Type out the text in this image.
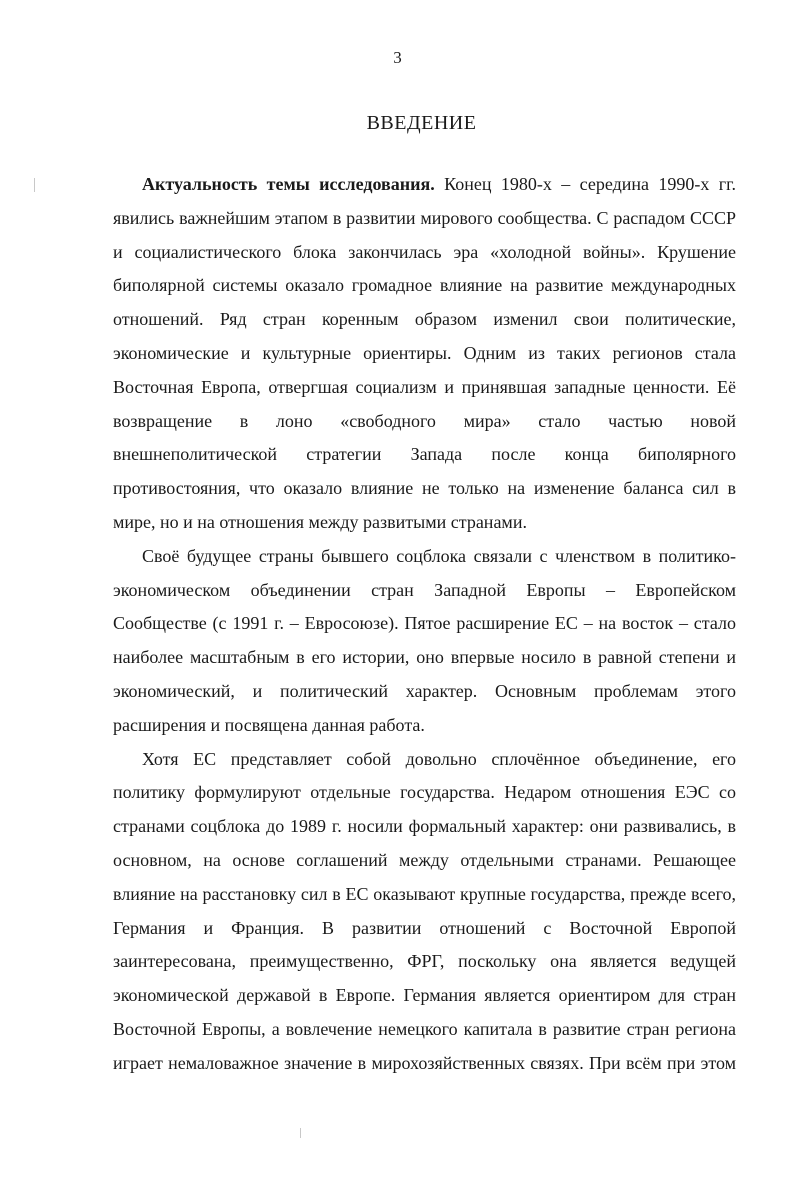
3
ВВЕДЕНИЕ

Актуальность темы исследования. Конец 1980-х – середина 1990-х гг. явились важнейшим этапом в развитии мирового сообщества. С распадом СССР и социалистического блока закончилась эра «холодной войны». Крушение биполярной системы оказало громадное влияние на развитие международных отношений. Ряд стран коренным образом изменил свои политические, экономические и культурные ориентиры. Одним из таких регионов стала Восточная Европа, отвергшая социализм и принявшая западные ценности. Её возвращение в лоно «свободного мира» стало частью новой внешнеполитической стратегии Запада после конца биполярного противостояния, что оказало влияние не только на изменение баланса сил в мире, но и на отношения между развитыми странами.

Своё будущее страны бывшего соцблока связали с членством в политико-экономическом объединении стран Западной Европы – Европейском Сообществе (с 1991 г. – Евросоюзе). Пятое расширение ЕС – на восток – стало наиболее масштабным в его истории, оно впервые носило в равной степени и экономический, и политический характер. Основным проблемам этого расширения и посвящена данная работа.

Хотя ЕС представляет собой довольно сплочённое объединение, его политику формулируют отдельные государства. Недаром отношения ЕЭС со странами соцблока до 1989 г. носили формальный характер: они развивались, в основном, на основе соглашений между отдельными странами. Решающее влияние на расстановку сил в ЕС оказывают крупные государства, прежде всего, Германия и Франция. В развитии отношений с Восточной Европой заинтересована, преимущественно, ФРГ, поскольку она является ведущей экономической державой в Европе. Германия является ориентиром для стран Восточной Европы, а вовлечение немецкого капитала в развитие стран региона играет немаловажное значение в мирохозяйственных связях. При всём при этом
